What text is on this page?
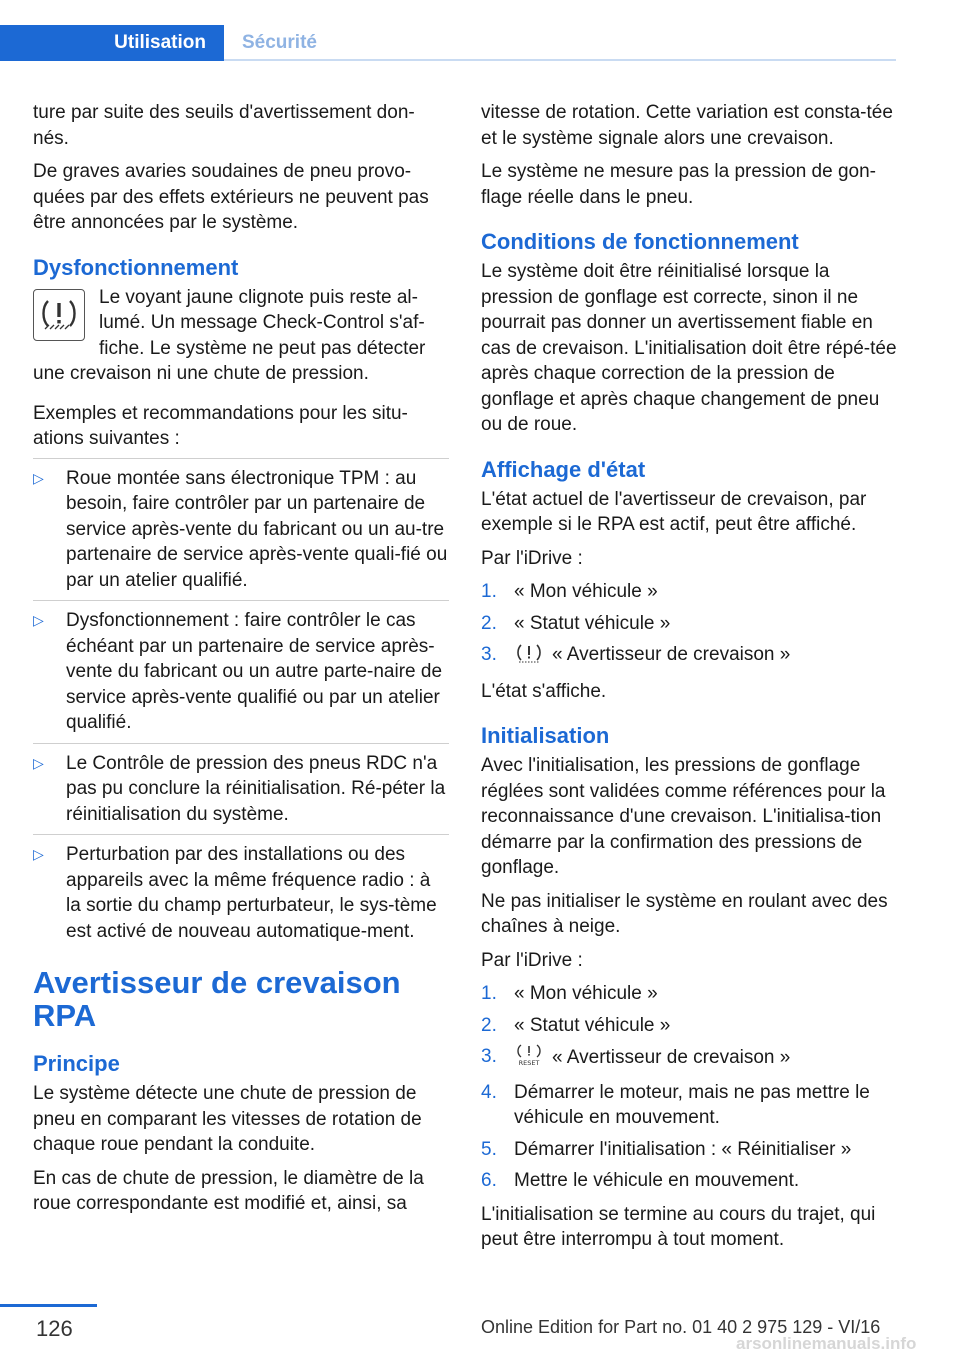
Utilisation	Sécurité

ture par suite des seuils d'avertissement don‐nés.

De graves avaries soudaines de pneu provo‐quées par des effets extérieurs ne peuvent pas être annoncées par le système.

Dysfonctionnement

Le voyant jaune clignote puis reste al‐lumé. Un message Check-Control s'af‐fiche. Le système ne peut pas détecter

une crevaison ni une chute de pression.

Exemples et recommandations pour les situ‐ations suivantes :

▷ Roue montée sans électronique TPM : au besoin, faire contrôler par un partenaire de service après-vente du fabricant ou un au‐tre partenaire de service après-vente quali‐fié ou par un atelier qualifié.
▷ Dysfonctionnement : faire contrôler le cas échéant par un partenaire de service après-vente du fabricant ou un autre parte‐naire de service après-vente qualifié ou par un atelier qualifié.
▷ Le Contrôle de pression des pneus RDC n'a pas pu conclure la réinitialisation. Ré‐péter la réinitialisation du système.
▷ Perturbation par des installations ou des appareils avec la même fréquence radio : à la sortie du champ perturbateur, le sys‐tème est activé de nouveau automatique‐ment.
Avertisseur de crevaison RPA
Principe

Le système détecte une chute de pression de pneu en comparant les vitesses de rotation de chaque roue pendant la conduite.

En cas de chute de pression, le diamètre de la roue correspondante est modifié et, ainsi, sa

vitesse de rotation. Cette variation est consta‐tée et le système signale alors une crevaison.

Le système ne mesure pas la pression de gon‐flage réelle dans le pneu.

Conditions de fonctionnement

Le système doit être réinitialisé lorsque la pression de gonflage est correcte, sinon il ne pourrait pas donner un avertissement fiable en cas de crevaison. L'initialisation doit être répé‐tée après chaque correction de la pression de gonflage et après chaque changement de pneu ou de roue.

Affichage d'état

L'état actuel de l'avertisseur de crevaison, par exemple si le RPA est actif, peut être affiché.

Par l'iDrive :

1. « Mon véhicule »
2. « Statut véhicule »
3.	« Avertisseur de crevaison »

L'état s'affiche.

Initialisation

Avec l'initialisation, les pressions de gonflage réglées sont validées comme références pour la reconnaissance d'une crevaison. L'initialisa‐tion démarre par la confirmation des pressions de gonflage.

Ne pas initialiser le système en roulant avec des chaînes à neige.

Par l'iDrive :

1. « Mon véhicule »
2. « Statut véhicule »
3.	RESET « Avertisseur de crevaison »
4. Démarrer le moteur, mais ne pas mettre le véhicule en mouvement.
5. Démarrer l'initialisation : « Réinitialiser »
6. Mettre le véhicule en mouvement.

L'initialisation se termine au cours du trajet, qui peut être interrompu à tout moment.

126	Online Edition for Part no. 01 40 2 975 129 - VI/16
arsonlinemanuals.info
